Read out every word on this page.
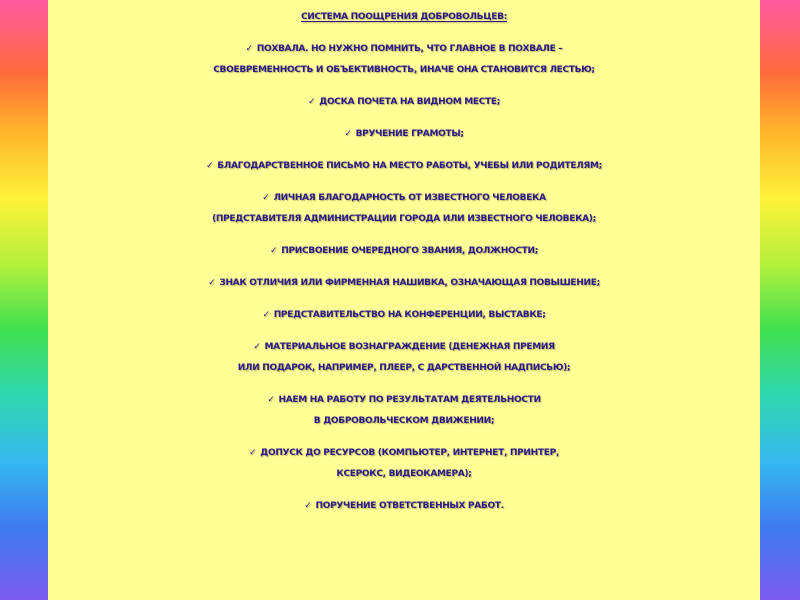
СИСТЕМА ПООЩРЕНИЯ ДОБРОВОЛЬЦЕВ:

✓ ПОХВАЛА. НО НУЖНО ПОМНИТЬ, ЧТО ГЛАВНОЕ В ПОХВАЛЕ –

СВОЕВРЕМЕННОСТЬ И ОБЪЕКТИВНОСТЬ, ИНАЧЕ ОНА СТАНОВИТСЯ ЛЕСТЬЮ;

✓ ДОСКА ПОЧЕТА НА ВИДНОМ МЕСТЕ;

✓ ВРУЧЕНИЕ ГРАМОТЫ;

✓ БЛАГОДАРСТВЕННОЕ ПИСЬМО НА МЕСТО РАБОТЫ, УЧЕБЫ ИЛИ РОДИТЕЛЯМ;

✓ ЛИЧНАЯ БЛАГОДАРНОСТЬ ОТ ИЗВЕСТНОГО ЧЕЛОВЕКА

(ПРЕДСТАВИТЕЛЯ АДМИНИСТРАЦИИ ГОРОДА ИЛИ ИЗВЕСТНОГО ЧЕЛОВЕКА);

✓ ПРИСВОЕНИЕ ОЧЕРЕДНОГО ЗВАНИЯ, ДОЛЖНОСТИ;

✓ ЗНАК ОТЛИЧИЯ ИЛИ ФИРМЕННАЯ НАШИВКА, ОЗНАЧАЮЩАЯ ПОВЫШЕНИЕ;

✓ ПРЕДСТАВИТЕЛЬСТВО НА КОНФЕРЕНЦИИ, ВЫСТАВКЕ;

✓ МАТЕРИАЛЬНОЕ ВОЗНАГРАЖДЕНИЕ (ДЕНЕЖНАЯ ПРЕМИЯ

ИЛИ ПОДАРОК, НАПРИМЕР, ПЛЕЕР, С ДАРСТВЕННОЙ НАДПИСЬЮ);

✓ НАЕМ НА РАБОТУ ПО РЕЗУЛЬТАТАМ ДЕЯТЕЛЬНОСТИ

В ДОБРОВОЛЬЧЕСКОМ ДВИЖЕНИИ;

✓ ДОПУСК ДО РЕСУРСОВ (КОМПЬЮТЕР, ИНТЕРНЕТ, ПРИНТЕР,

КСЕРОКС, ВИДЕОКАМЕРА);

✓ ПОРУЧЕНИЕ ОТВЕТСТВЕННЫХ РАБОТ.
